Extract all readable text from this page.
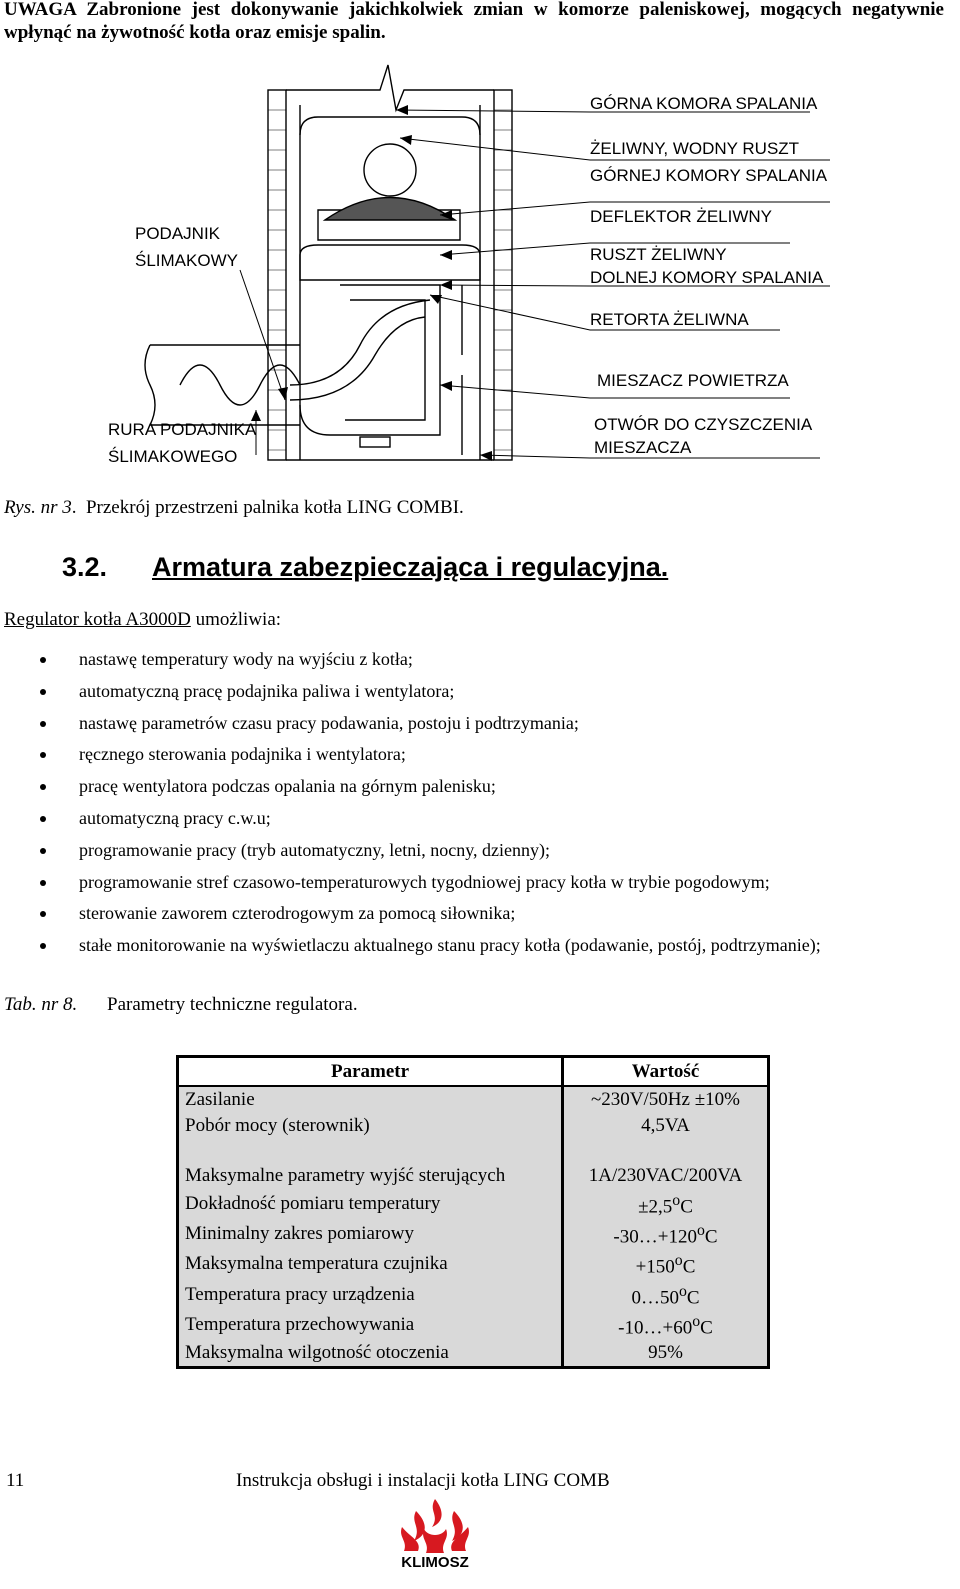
UWAGA Zabronione jest dokonywanie jakichkolwiek zmian w komorze paleniskowej, mogących negatywnie wpłynąć na żywotność kotła oraz emisje spalin.
PODAJNIK
ŚLIMAKOWY
RURA PODAJNIKA
ŚLIMAKOWEGO
GÓRNA KOMORA SPALANIA
ŻELIWNY, WODNY RUSZT
GÓRNEJ KOMORY SPALANIA
DEFLEKTOR ŻELIWNY
RUSZT ŻELIWNY
DOLNEJ KOMORY SPALANIA
RETORTA ŻELIWNA
MIESZACZ POWIETRZA
OTWÓR DO CZYSZCZENIA
MIESZACZA
Rys. nr 3. Przekrój przestrzeni palnika kotła LING COMBI.
3.2. Armatura zabezpieczająca i regulacyjna.
Regulator kotła A3000D umożliwia:
nastawę temperatury wody na wyjściu z kotła;
automatyczną pracę podajnika paliwa i wentylatora;
nastawę parametrów czasu pracy podawania, postoju i podtrzymania;
ręcznego sterowania podajnika i wentylatora;
pracę wentylatora podczas opalania na górnym palenisku;
automatyczną pracy c.w.u;
programowanie pracy (tryb automatyczny, letni, nocny, dzienny);
programowanie stref czasowo-temperaturowych tygodniowej pracy kotła w trybie pogodowym;
sterowanie zaworem czterodrogowym za pomocą siłownika;
stałe monitorowanie na wyświetlaczu aktualnego stanu pracy kotła (podawanie, postój, podtrzymanie);
Tab. nr 8. Parametry techniczne regulatora.
Parametr	Wartość
Zasilanie	~230V/50Hz ±10%
Pobór mocy (sterownik)	4,5VA

Maksymalne parametry wyjść sterujących	1A/230VAC/200VA
Dokładność pomiaru temperatury	$\pm 2,5^oC$
Minimalny zakres pomiarowy	$-30\dots+120^oC$
Maksymalna temperatura czujnika	$+150^oC$
Temperatura pracy urządzenia	0…50$^o$C
Temperatura przechowywania	$-10\dots+60^oC$
Maksymalna wilgotność otoczenia	95%
11	Instrukcja obsługi i instalacji kotła LING COMB
KLIMOSZ
